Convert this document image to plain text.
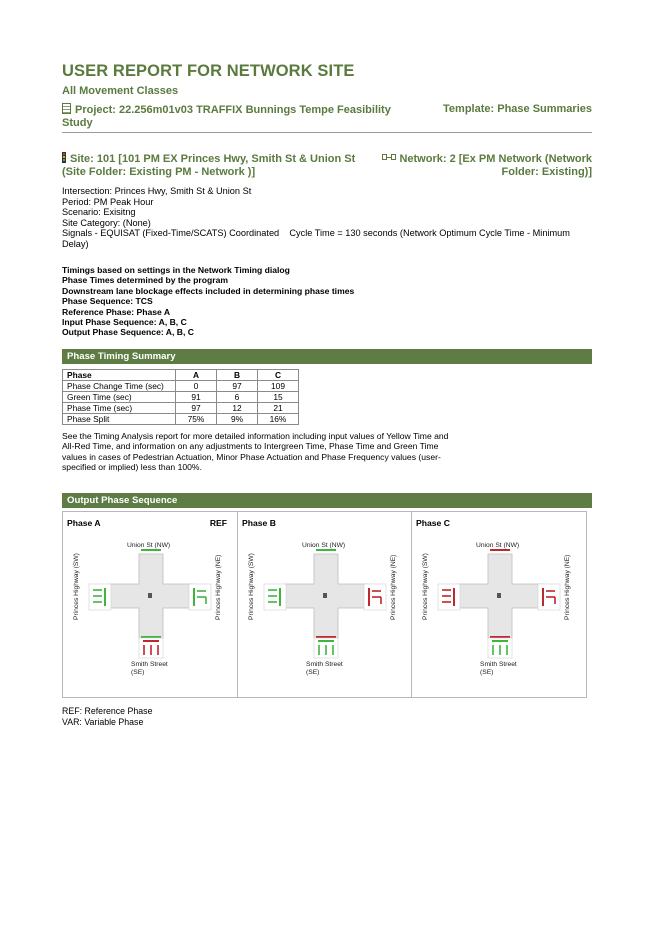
USER REPORT FOR NETWORK SITE
All Movement Classes
Project: 22.256m01v03 TRAFFIX Bunnings Tempe Feasibility Study
Template: Phase Summaries
Site: 101 [101 PM EX Princes Hwy, Smith St & Union St (Site Folder: Existing PM - Network )]
Network: 2 [Ex PM Network (Network Folder: Existing)]
Intersection: Princes Hwy, Smith St & Union St
Period: PM Peak Hour
Scenario: Exisitng
Site Category: (None)
Signals - EQUISAT (Fixed-Time/SCATS) Coordinated    Cycle Time = 130 seconds (Network Optimum Cycle Time - Minimum Delay)
Timings based on settings in the Network Timing dialog
Phase Times determined by the program
Downstream lane blockage effects included in determining phase times
Phase Sequence: TCS
Reference Phase: Phase A
Input Phase Sequence: A, B, C
Output Phase Sequence: A, B, C
Phase Timing Summary
Phase	A	B	C
Phase Change Time (sec)	0	97	109
Green Time (sec)	91	6	15
Phase Time (sec)	97	12	21
Phase Split	75%	9%	16%
See the Timing Analysis report for more detailed information including input values of Yellow Time and All-Red Time, and information on any adjustments to Intergreen Time, Phase Time and Green Time values in cases of Pedestrian Actuation, Minor Phase Actuation and Phase Frequency values (user-specified or implied) less than 100%.
Output Phase Sequence
Phase A	REF
Union St (NW)
Smith Street
(SE)
Princes Highway (SW)	Princes Highway (NE)
Phase B
Union St (NW)
Smith Street
(SE)
Princes Highway (SW)	Princes Highway (NE)
Phase C
Union St (NW)
Smith Street
(SE)
Princes Highway (SW)	Princes Highway (NE)
REF: Reference Phase
VAR: Variable Phase
